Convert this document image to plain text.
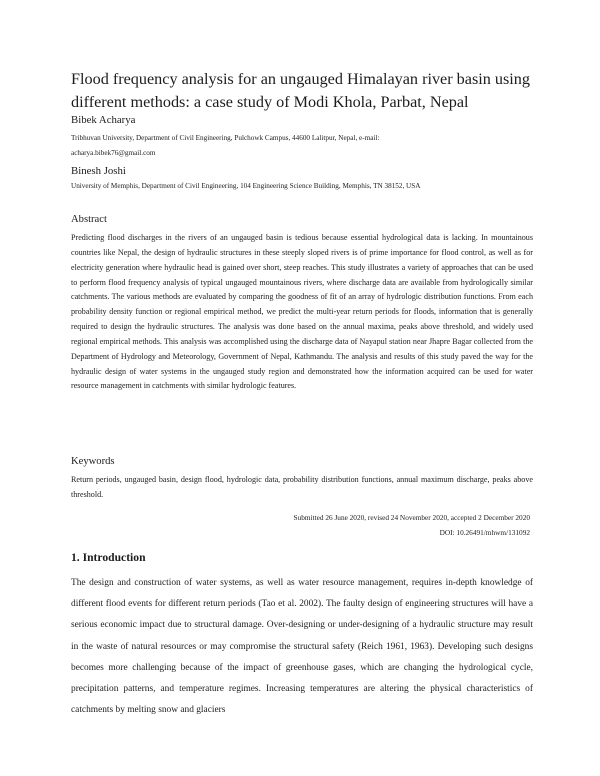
Flood frequency analysis for an ungauged Himalayan river basin using different methods: a case study of Modi Khola, Parbat, Nepal
Bibek Acharya
Tribhuvan University, Department of Civil Engineering, Pulchowk Campus, 44600 Lalitpur, Nepal, e-mail:
acharya.bibek76@gmail.com
Binesh Joshi
University of Memphis, Department of Civil Engineering, 104 Engineering Science Building, Memphis, TN 38152, USA
Abstract

Predicting flood discharges in the rivers of an ungauged basin is tedious because essential hydrological data is lacking. In mountainous countries like Nepal, the design of hydraulic structures in these steeply sloped rivers is of prime importance for flood control, as well as for electricity generation where hydraulic head is gained over short, steep reaches. This study illustrates a variety of approaches that can be used to perform flood frequency analysis of typical ungauged mountainous rivers, where discharge data are available from hydrologically similar catchments. The various methods are evaluated by comparing the goodness of fit of an array of hydrologic distribution functions. From each probability density function or regional empirical method, we predict the multi-year return periods for floods, information that is generally required to design the hydraulic structures. The analysis was done based on the annual maxima, peaks above threshold, and widely used regional empirical methods. This analysis was accomplished using the discharge data of Nayapul station near Jhapre Bagar collected from the Department of Hydrology and Meteorology, Government of Nepal, Kathmandu. The analysis and results of this study paved the way for the hydraulic design of water systems in the ungauged study region and demonstrated how the information acquired can be used for water resource management in catchments with similar hydrologic features.

Keywords

Return periods, ungauged basin, design flood, hydrologic data, probability distribution functions, annual maximum discharge, peaks above threshold.

Submitted 26 June 2020, revised 24 November 2020, accepted 2 December 2020
DOI: 10.26491/mhwm/131092
1. Introduction

The design and construction of water systems, as well as water resource management, requires in-depth knowledge of different flood events for different return periods (Tao et al. 2002). The faulty design of engineering structures will have a serious economic impact due to structural damage. Over-designing or under-designing of a hydraulic structure may result in the waste of natural resources or may compromise the structural safety (Reich 1961, 1963). Developing such designs becomes more challenging because of the impact of greenhouse gases, which are changing the hydrological cycle, precipitation patterns, and temperature regimes. Increasing temperatures are altering the physical characteristics of catchments by melting snow and glaciers
